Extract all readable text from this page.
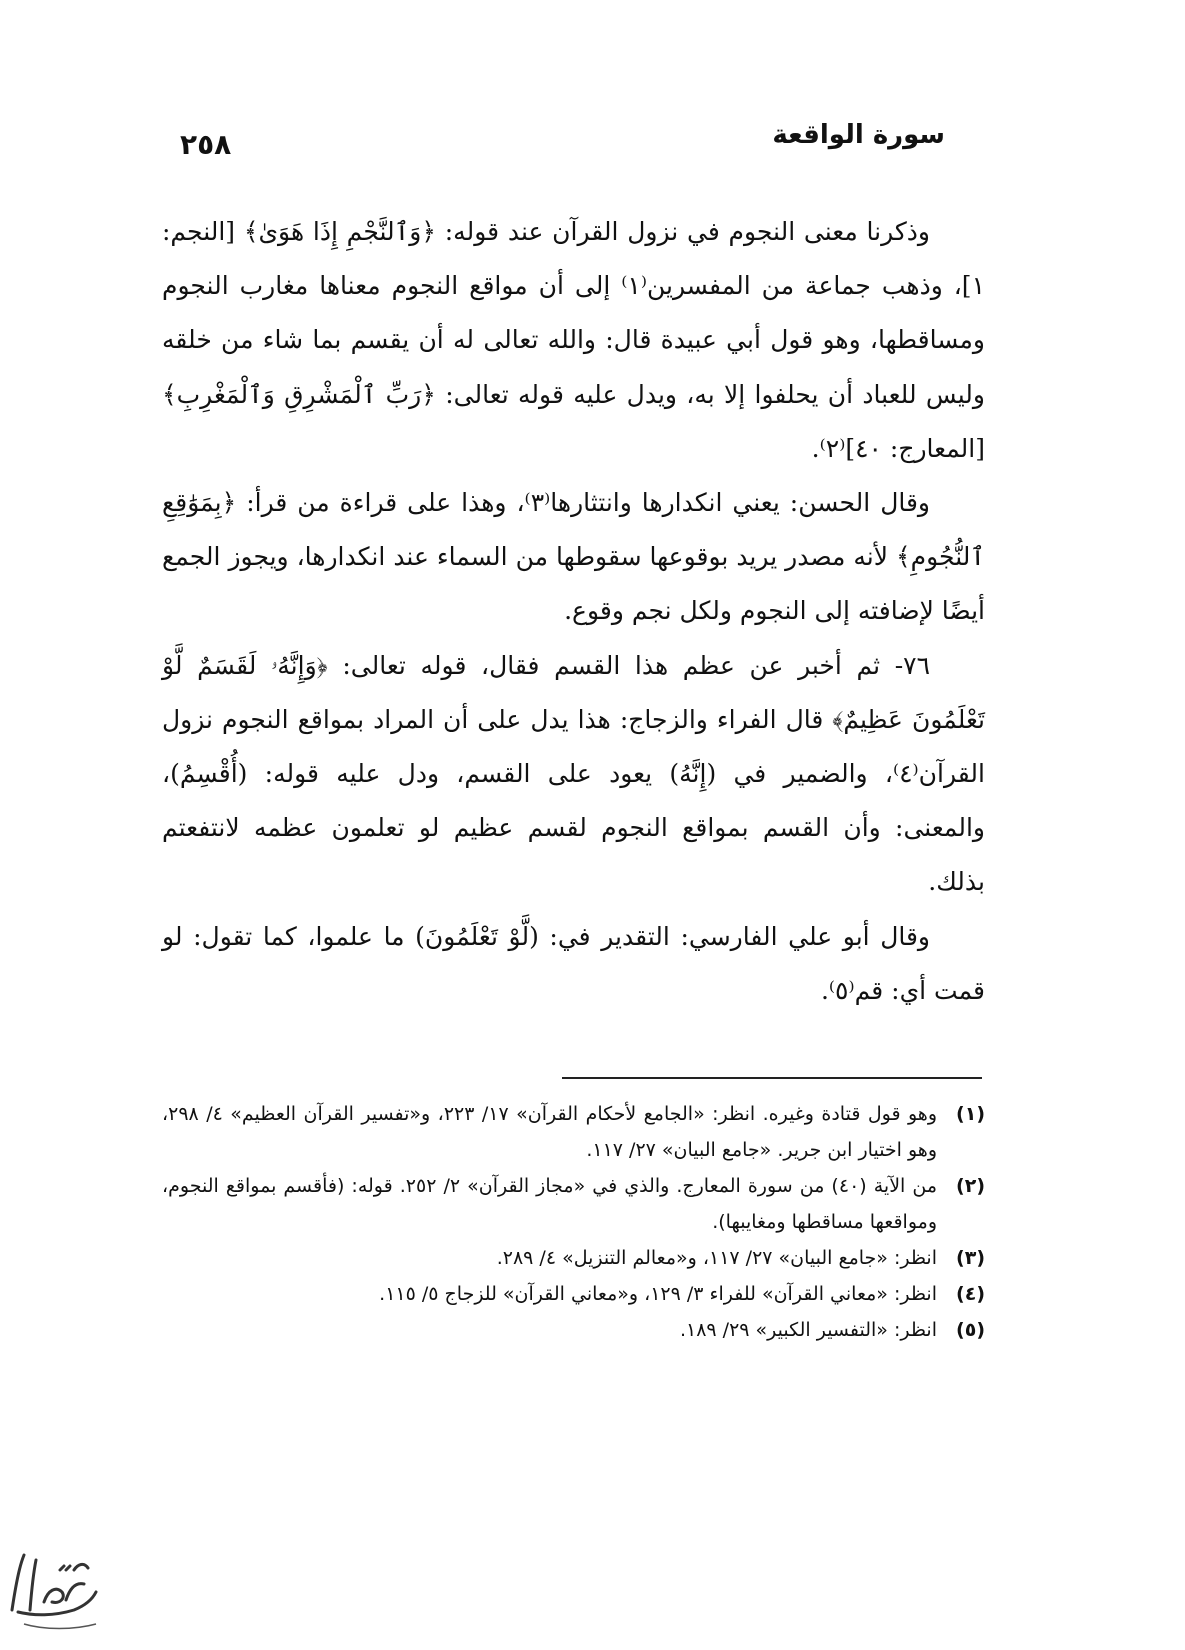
سورة الواقعة
٢٥٨

وذكرنا معنى النجوم في نزول القرآن عند قوله: ﴿وَٱلنَّجْمِ إِذَا هَوَىٰ﴾ [النجم: ١]، وذهب جماعة من المفسرين⁽١⁾ إلى أن مواقع النجوم معناها مغارب النجوم ومساقطها، وهو قول أبي عبيدة قال: والله تعالى له أن يقسم بما شاء من خلقه وليس للعباد أن يحلفوا إلا به، ويدل عليه قوله تعالى: ﴿رَبِّ ٱلْمَشْرِقِ وَٱلْمَغْرِبِ﴾ [المعارج: ٤٠]⁽٢⁾.

وقال الحسن: يعني انكدارها وانتثارها⁽٣⁾، وهذا على قراءة من قرأ: ﴿بِمَوَٰقِعِ ٱلنُّجُومِ﴾ لأنه مصدر يريد بوقوعها سقوطها من السماء عند انكدارها، ويجوز الجمع أيضًا لإضافته إلى النجوم ولكل نجم وقوع.

٧٦- ثم أخبر عن عظم هذا القسم فقال، قوله تعالى: ﴿وَإِنَّهُۥ لَقَسَمٌ لَّوْ تَعْلَمُونَ عَظِيمٌ﴾ قال الفراء والزجاج: هذا يدل على أن المراد بمواقع النجوم نزول القرآن⁽٤⁾، والضمير في (إِنَّهُ) يعود على القسم، ودل عليه قوله: (أُقْسِمُ)، والمعنى: وأن القسم بمواقع النجوم لقسم عظيم لو تعلمون عظمه لانتفعتم بذلك.

وقال أبو علي الفارسي: التقدير في: (لَّوْ تَعْلَمُونَ) ما علموا، كما تقول: لو قمت أي: قم⁽٥⁾.

(١)
وهو قول قتادة وغيره. انظر: «الجامع لأحكام القرآن» ١٧/ ٢٢٣، و«تفسير القرآن العظيم» ٤/ ٢٩٨، وهو اختيار ابن جرير. «جامع البيان» ٢٧/ ١١٧.
(٢)
من الآية (٤٠) من سورة المعارج. والذي في «مجاز القرآن» ٢/ ٢٥٢. قوله: (فأقسم بمواقع النجوم، ومواقعها مساقطها ومغايبها).
(٣)
انظر: «جامع البيان» ٢٧/ ١١٧، و«معالم التنزيل» ٤/ ٢٨٩.
(٤)
انظر: «معاني القرآن» للفراء ٣/ ١٢٩، و«معاني القرآن» للزجاج ٥/ ١١٥.
(٥)
انظر: «التفسير الكبير» ٢٩/ ١٨٩.
